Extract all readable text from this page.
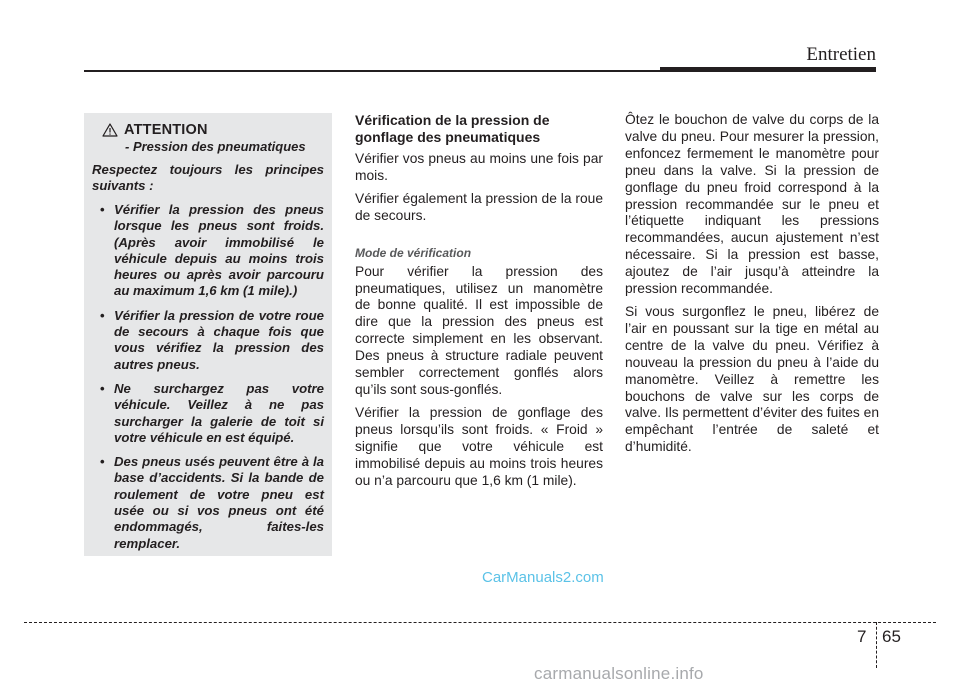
Entretien
ATTENTION
- Pression des pneumatiques

Respectez toujours les principes suivants :

• Vérifier la pression des pneus lorsque les pneus sont froids. (Après avoir immobilisé le véhicule depuis au moins trois heures ou après avoir parcouru au maximum 1,6 km (1 mile).)
• Vérifier la pression de votre roue de secours à chaque fois que vous vérifiez la pression des autres pneus.
• Ne surchargez pas votre véhicule. Veillez à ne pas surcharger la galerie de toit si votre véhicule en est équipé.
• Des pneus usés peuvent être à la base d’accidents. Si la bande de roulement de votre pneu est usée ou si vos pneus ont été endommagés, faites-les remplacer.
Vérification de la pression de gonflage des pneumatiques

Vérifier vos pneus au moins une fois par mois.

Vérifier également la pression de la roue de secours.

Mode de vérification

Pour vérifier la pression des pneumatiques, utilisez un manomètre de bonne qualité. Il est impossible de dire que la pression des pneus est correcte simplement en les observant. Des pneus à structure radiale peuvent sembler correctement gonflés alors qu’ils sont sous-gonflés.

Vérifier la pression de gonflage des pneus lorsqu’ils sont froids. « Froid » signifie que votre véhicule est immobilisé depuis au moins trois heures ou n’a parcouru que 1,6 km (1 mile).

Ôtez le bouchon de valve du corps de la valve du pneu. Pour mesurer la pression, enfoncez fermement le manomètre pour pneu dans la valve. Si la pression de gonflage du pneu froid correspond à la pression recommandée sur le pneu et l’étiquette indiquant les pressions recommandées, aucun ajustement n’est nécessaire. Si la pression est basse, ajoutez de l’air jusqu’à atteindre la pression recommandée.

Si vous surgonflez le pneu, libérez de l’air en poussant sur la tige en métal au centre de la valve du pneu. Vérifiez à nouveau la pression du pneu à l’aide du manomètre. Veillez à remettre les bouchons de valve sur les corps de valve. Ils permettent d’éviter des fuites en empêchant l’entrée de saleté et d’humidité.

CarManuals2.com
7 65
carmanualsonline.info
